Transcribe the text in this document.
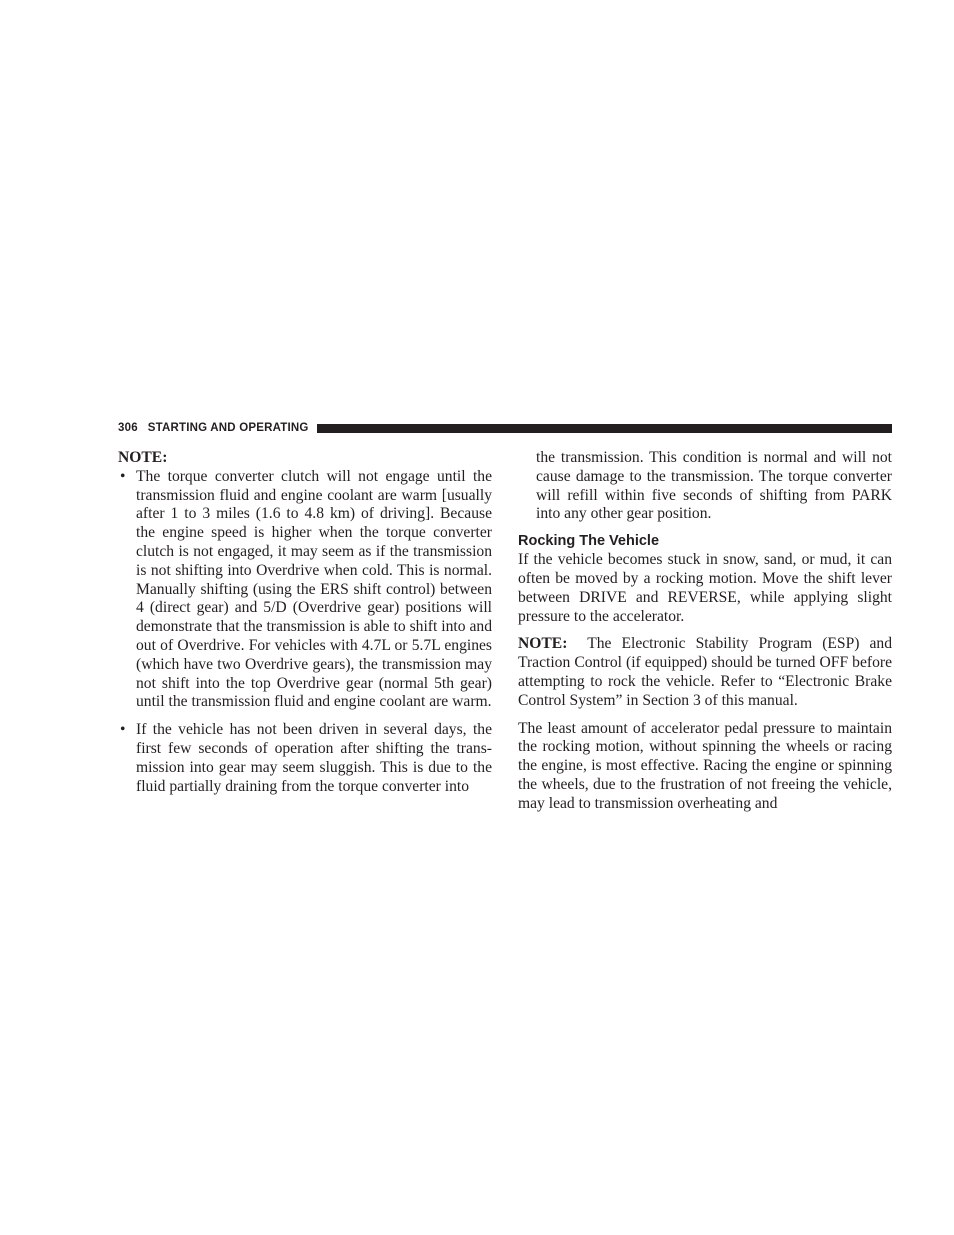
306 STARTING AND OPERATING

NOTE:

• The torque converter clutch will not engage until the transmission fluid and engine coolant are warm [usually after 1 to 3 miles (1.6 to 4.8 km) of driving]. Because the engine speed is higher when the torque converter clutch is not engaged, it may seem as if the transmission is not shifting into Overdrive when cold. This is normal. Manually shifting (using the ERS shift control) between 4 (direct gear) and 5/D (Overdrive gear) positions will demonstrate that the transmission is able to shift into and out of Overdrive. For vehicles with 4.7L or 5.7L engines (which have two Overdrive gears), the transmission may not shift into the top Overdrive gear (normal 5th gear) until the transmission fluid and engine coolant are warm.
• If the vehicle has not been driven in several days, the first few seconds of operation after shifting the transmission into gear may seem sluggish. This is due to the fluid partially draining from the torque converter into

the transmission. This condition is normal and will not cause damage to the transmission. The torque converter will refill within five seconds of shifting from PARK into any other gear position.

Rocking The Vehicle

If the vehicle becomes stuck in snow, sand, or mud, it can often be moved by a rocking motion. Move the shift lever between DRIVE and REVERSE, while applying slight pressure to the accelerator.

NOTE: The Electronic Stability Program (ESP) and Traction Control (if equipped) should be turned OFF before attempting to rock the vehicle. Refer to “Electronic Brake Control System” in Section 3 of this manual.

The least amount of accelerator pedal pressure to maintain the rocking motion, without spinning the wheels or racing the engine, is most effective. Racing the engine or spinning the wheels, due to the frustration of not freeing the vehicle, may lead to transmission overheating and
